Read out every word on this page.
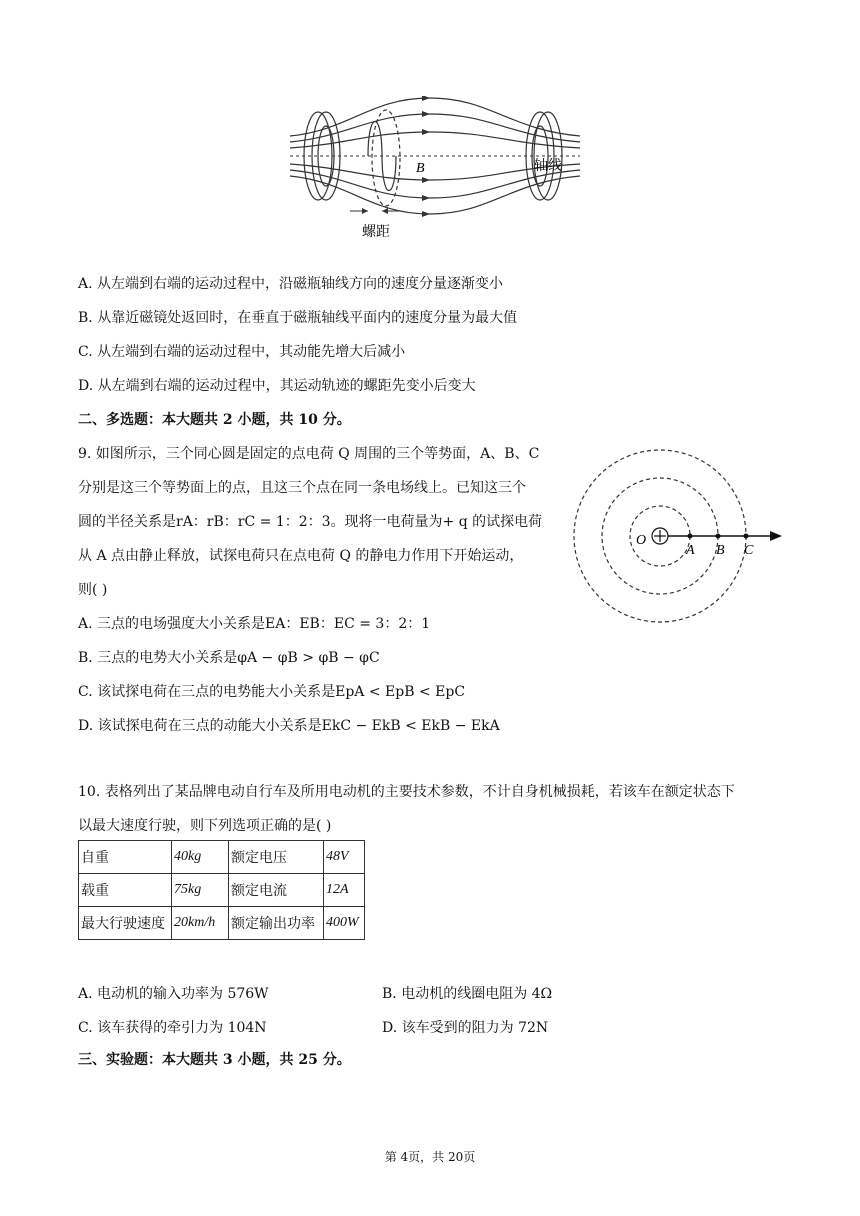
B	轴线
螺距
A. 从左端到右端的运动过程中，沿磁瓶轴线方向的速度分量逐渐变小
B. 从靠近磁镜处返回时，在垂直于磁瓶轴线平面内的速度分量为最大值
C. 从左端到右端的运动过程中，其动能先增大后减小
D. 从左端到右端的运动过程中，其运动轨迹的螺距先变小后变大
二、多选题：本大题共 2 小题，共 10 分。
9. 如图所示，三个同心圆是固定的点电荷 Q 周围的三个等势面，A、B、C
分别是这三个等势面上的点，且这三个点在同一条电场线上。已知这三个
圆的半径关系是rA：rB：rC = 1：2：3。现将一电荷量为+ q 的试探电荷
从 A 点由静止释放，试探电荷只在点电荷 Q 的静电力作用下开始运动，
则( )
O
A B C
A. 三点的电场强度大小关系是EA：EB：EC = 3：2：1
B. 三点的电势大小关系是φA − φB > φB − φC
C. 该试探电荷在三点的电势能大小关系是EpA < EpB < EpC
D. 该试探电荷在三点的动能大小关系是EkC − EkB < EkB − EkA
10. 表格列出了某品牌电动自行车及所用电动机的主要技术参数，不计自身机械损耗，若该车在额定状态下
以最大速度行驶，则下列选项正确的是( )
自重	40kg	额定电压	48V
载重	75kg	额定电流	12A
最大行驶速度	20km/h	额定输出功率	400W
A. 电动机的输入功率为 576W	B. 电动机的线圈电阻为 4Ω
C. 该车获得的牵引力为 104N	D. 该车受到的阻力为 72N
三、实验题：本大题共 3 小题，共 25 分。
第 4页，共 20页
